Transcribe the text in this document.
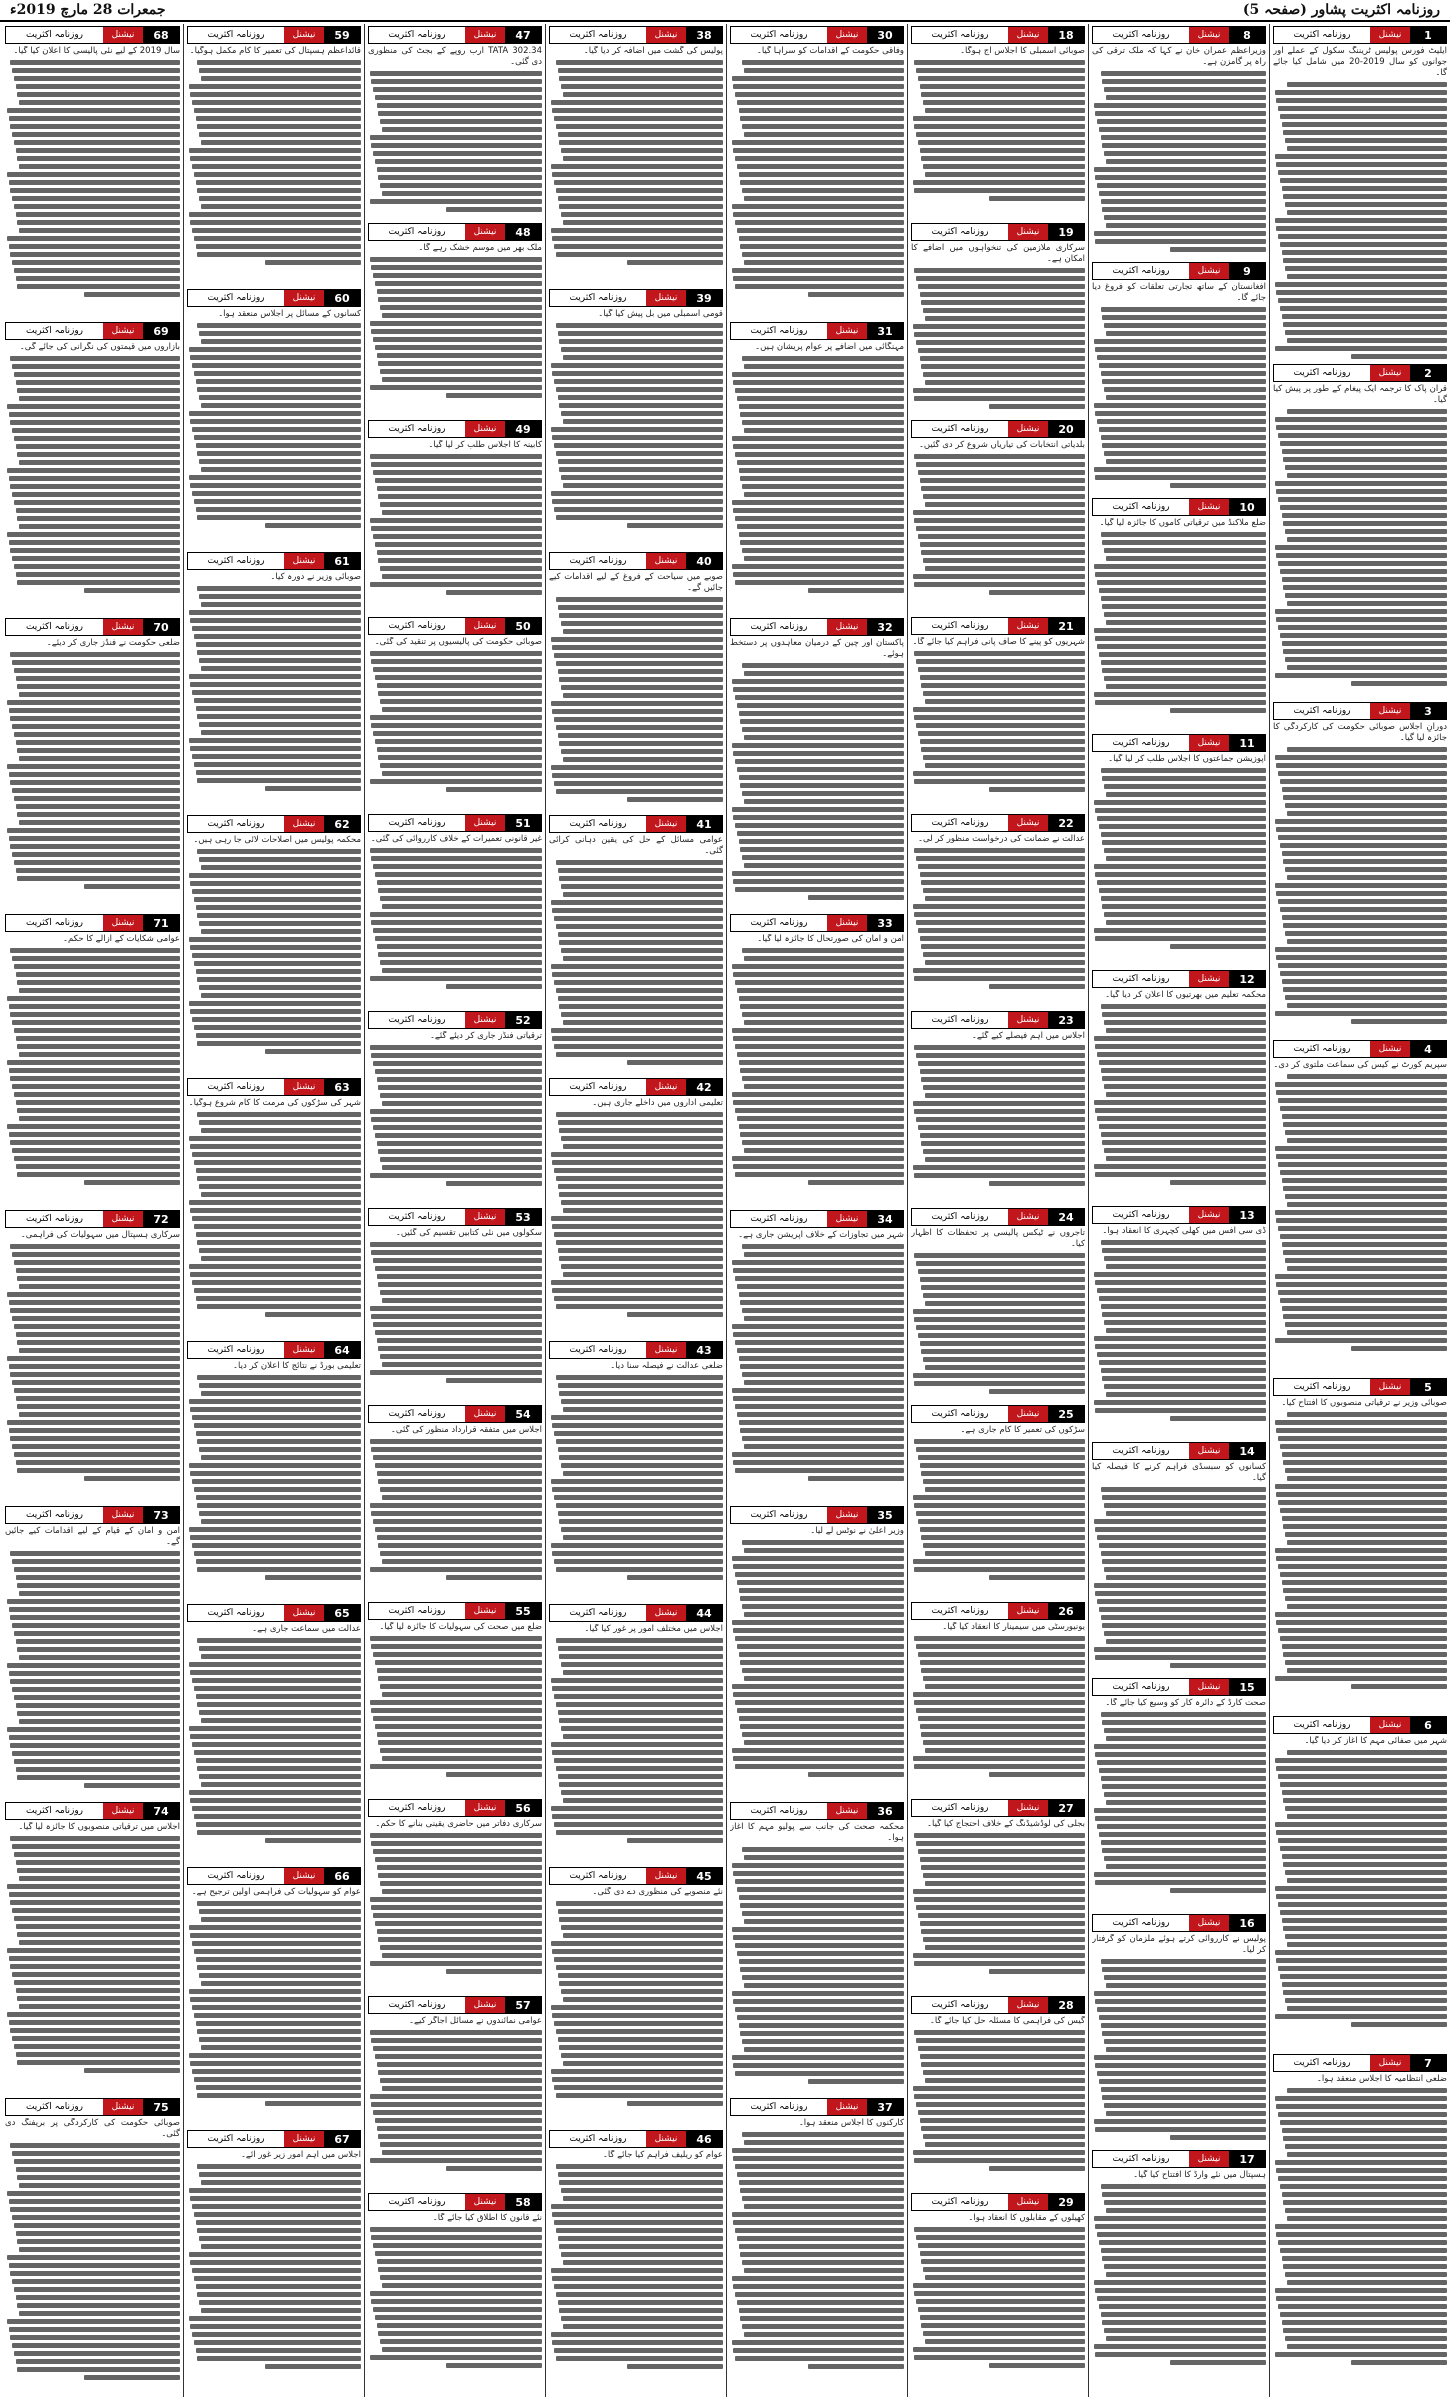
جمعرات 28 مارچ 2019ء	روزنامہ اکثریت پشاور (صفحہ 5)
1
نیشنل
روزنامہ اکثریت
ایلیٹ فورس پولیس ٹریننگ سکول کے عملے اور جوانوں کو سال 2019-20 میں شامل کیا جائے گا۔
2
نیشنل
روزنامہ اکثریت
قرآن پاک کا ترجمہ ایک پیغام کے طور پر پیش کیا گیا۔
3
نیشنل
روزنامہ اکثریت
دورانِ اجلاس صوبائی حکومت کی کارکردگی کا جائزہ لیا گیا۔
4
نیشنل
روزنامہ اکثریت
سپریم کورٹ نے کیس کی سماعت ملتوی کر دی۔
5
نیشنل
روزنامہ اکثریت
صوبائی وزیر نے ترقیاتی منصوبوں کا افتتاح کیا۔
6
نیشنل
روزنامہ اکثریت
شہر میں صفائی مہم کا آغاز کر دیا گیا۔
7
نیشنل
روزنامہ اکثریت
ضلعی انتظامیہ کا اجلاس منعقد ہوا۔
8
نیشنل
روزنامہ اکثریت
وزیراعظم عمران خان نے کہا کہ ملک ترقی کی راہ پر گامزن ہے۔
9
نیشنل
روزنامہ اکثریت
افغانستان کے ساتھ تجارتی تعلقات کو فروغ دیا جائے گا۔
10
نیشنل
روزنامہ اکثریت
ضلع ملاکنڈ میں ترقیاتی کاموں کا جائزہ لیا گیا۔
11
نیشنل
روزنامہ اکثریت
اپوزیشن جماعتوں کا اجلاس طلب کر لیا گیا۔
12
نیشنل
روزنامہ اکثریت
محکمہ تعلیم میں بھرتیوں کا اعلان کر دیا گیا۔
13
نیشنل
روزنامہ اکثریت
ڈی سی آفس میں کھلی کچہری کا انعقاد ہوا۔
14
نیشنل
روزنامہ اکثریت
کسانوں کو سبسڈی فراہم کرنے کا فیصلہ کیا گیا۔
15
نیشنل
روزنامہ اکثریت
صحت کارڈ کے دائرہ کار کو وسیع کیا جائے گا۔
16
نیشنل
روزنامہ اکثریت
پولیس نے کارروائی کرتے ہوئے ملزمان کو گرفتار کر لیا۔
17
نیشنل
روزنامہ اکثریت
ہسپتال میں نئے وارڈ کا افتتاح کیا گیا۔
18
نیشنل
روزنامہ اکثریت
صوبائی اسمبلی کا اجلاس آج ہوگا۔
19
نیشنل
روزنامہ اکثریت
سرکاری ملازمین کی تنخواہوں میں اضافے کا امکان ہے۔
20
نیشنل
روزنامہ اکثریت
بلدیاتی انتخابات کی تیاریاں شروع کر دی گئیں۔
21
نیشنل
روزنامہ اکثریت
شہریوں کو پینے کا صاف پانی فراہم کیا جائے گا۔
22
نیشنل
روزنامہ اکثریت
عدالت نے ضمانت کی درخواست منظور کر لی۔
23
نیشنل
روزنامہ اکثریت
اجلاس میں اہم فیصلے کیے گئے۔
24
نیشنل
روزنامہ اکثریت
تاجروں نے ٹیکس پالیسی پر تحفظات کا اظہار کیا۔
25
نیشنل
روزنامہ اکثریت
سڑکوں کی تعمیر کا کام جاری ہے۔
26
نیشنل
روزنامہ اکثریت
یونیورسٹی میں سیمینار کا انعقاد کیا گیا۔
27
نیشنل
روزنامہ اکثریت
بجلی کی لوڈشیڈنگ کے خلاف احتجاج کیا گیا۔
28
نیشنل
روزنامہ اکثریت
گیس کی فراہمی کا مسئلہ حل کیا جائے گا۔
29
نیشنل
روزنامہ اکثریت
کھیلوں کے مقابلوں کا انعقاد ہوا۔
30
نیشنل
روزنامہ اکثریت
وفاقی حکومت کے اقدامات کو سراہا گیا۔
31
نیشنل
روزنامہ اکثریت
مہنگائی میں اضافے پر عوام پریشان ہیں۔
32
نیشنل
روزنامہ اکثریت
پاکستان اور چین کے درمیان معاہدوں پر دستخط ہوئے۔
33
نیشنل
روزنامہ اکثریت
امن و امان کی صورتحال کا جائزہ لیا گیا۔
34
نیشنل
روزنامہ اکثریت
شہر میں تجاوزات کے خلاف آپریشن جاری ہے۔
35
نیشنل
روزنامہ اکثریت
وزیر اعلیٰ نے نوٹس لے لیا۔
36
نیشنل
روزنامہ اکثریت
محکمہ صحت کی جانب سے پولیو مہم کا آغاز ہوا۔
37
نیشنل
روزنامہ اکثریت
کارکنوں کا اجلاس منعقد ہوا۔
38
نیشنل
روزنامہ اکثریت
پولیس کی گشت میں اضافہ کر دیا گیا۔
39
نیشنل
روزنامہ اکثریت
قومی اسمبلی میں بل پیش کیا گیا۔
40
نیشنل
روزنامہ اکثریت
صوبے میں سیاحت کے فروغ کے لیے اقدامات کیے جائیں گے۔
41
نیشنل
روزنامہ اکثریت
عوامی مسائل کے حل کی یقین دہانی کرائی گئی۔
42
نیشنل
روزنامہ اکثریت
تعلیمی اداروں میں داخلے جاری ہیں۔
43
نیشنل
روزنامہ اکثریت
ضلعی عدالت نے فیصلہ سنا دیا۔
44
نیشنل
روزنامہ اکثریت
اجلاس میں مختلف امور پر غور کیا گیا۔
45
نیشنل
روزنامہ اکثریت
نئے منصوبے کی منظوری دے دی گئی۔
46
نیشنل
روزنامہ اکثریت
عوام کو ریلیف فراہم کیا جائے گا۔
47
نیشنل
روزنامہ اکثریت
302.34 TATA ارب روپے کے بجٹ کی منظوری دی گئی۔
48
نیشنل
روزنامہ اکثریت
ملک بھر میں موسم خشک رہے گا۔
49
نیشنل
روزنامہ اکثریت
کابینہ کا اجلاس طلب کر لیا گیا۔
50
نیشنل
روزنامہ اکثریت
صوبائی حکومت کی پالیسیوں پر تنقید کی گئی۔
51
نیشنل
روزنامہ اکثریت
غیر قانونی تعمیرات کے خلاف کارروائی کی گئی۔
52
نیشنل
روزنامہ اکثریت
ترقیاتی فنڈز جاری کر دیئے گئے۔
53
نیشنل
روزنامہ اکثریت
سکولوں میں نئی کتابیں تقسیم کی گئیں۔
54
نیشنل
روزنامہ اکثریت
اجلاس میں متفقہ قرارداد منظور کی گئی۔
55
نیشنل
روزنامہ اکثریت
ضلع میں صحت کی سہولیات کا جائزہ لیا گیا۔
56
نیشنل
روزنامہ اکثریت
سرکاری دفاتر میں حاضری یقینی بنانے کا حکم۔
57
نیشنل
روزنامہ اکثریت
عوامی نمائندوں نے مسائل اجاگر کیے۔
58
نیشنل
روزنامہ اکثریت
نئے قانون کا اطلاق کیا جائے گا۔
59
نیشنل
روزنامہ اکثریت
قائداعظم ہسپتال کی تعمیر کا کام مکمل ہوگیا۔
60
نیشنل
روزنامہ اکثریت
کسانوں کے مسائل پر اجلاس منعقد ہوا۔
61
نیشنل
روزنامہ اکثریت
صوبائی وزیر نے دورہ کیا۔
62
نیشنل
روزنامہ اکثریت
محکمہ پولیس میں اصلاحات لائی جا رہی ہیں۔
63
نیشنل
روزنامہ اکثریت
شہر کی سڑکوں کی مرمت کا کام شروع ہوگیا۔
64
نیشنل
روزنامہ اکثریت
تعلیمی بورڈ نے نتائج کا اعلان کر دیا۔
65
نیشنل
روزنامہ اکثریت
عدالت میں سماعت جاری ہے۔
66
نیشنل
روزنامہ اکثریت
عوام کو سہولیات کی فراہمی اولین ترجیح ہے۔
67
نیشنل
روزنامہ اکثریت
اجلاس میں اہم امور زیر غور آئے۔
68
نیشنل
روزنامہ اکثریت
سال 2019 کے لیے نئی پالیسی کا اعلان کیا گیا۔
69
نیشنل
روزنامہ اکثریت
بازاروں میں قیمتوں کی نگرانی کی جائے گی۔
70
نیشنل
روزنامہ اکثریت
ضلعی حکومت نے فنڈز جاری کر دیئے۔
71
نیشنل
روزنامہ اکثریت
عوامی شکایات کے ازالے کا حکم۔
72
نیشنل
روزنامہ اکثریت
سرکاری ہسپتال میں سہولیات کی فراہمی۔
73
نیشنل
روزنامہ اکثریت
امن و امان کے قیام کے لیے اقدامات کیے جائیں گے۔
74
نیشنل
روزنامہ اکثریت
اجلاس میں ترقیاتی منصوبوں کا جائزہ لیا گیا۔
75
نیشنل
روزنامہ اکثریت
صوبائی حکومت کی کارکردگی پر بریفنگ دی گئی۔
